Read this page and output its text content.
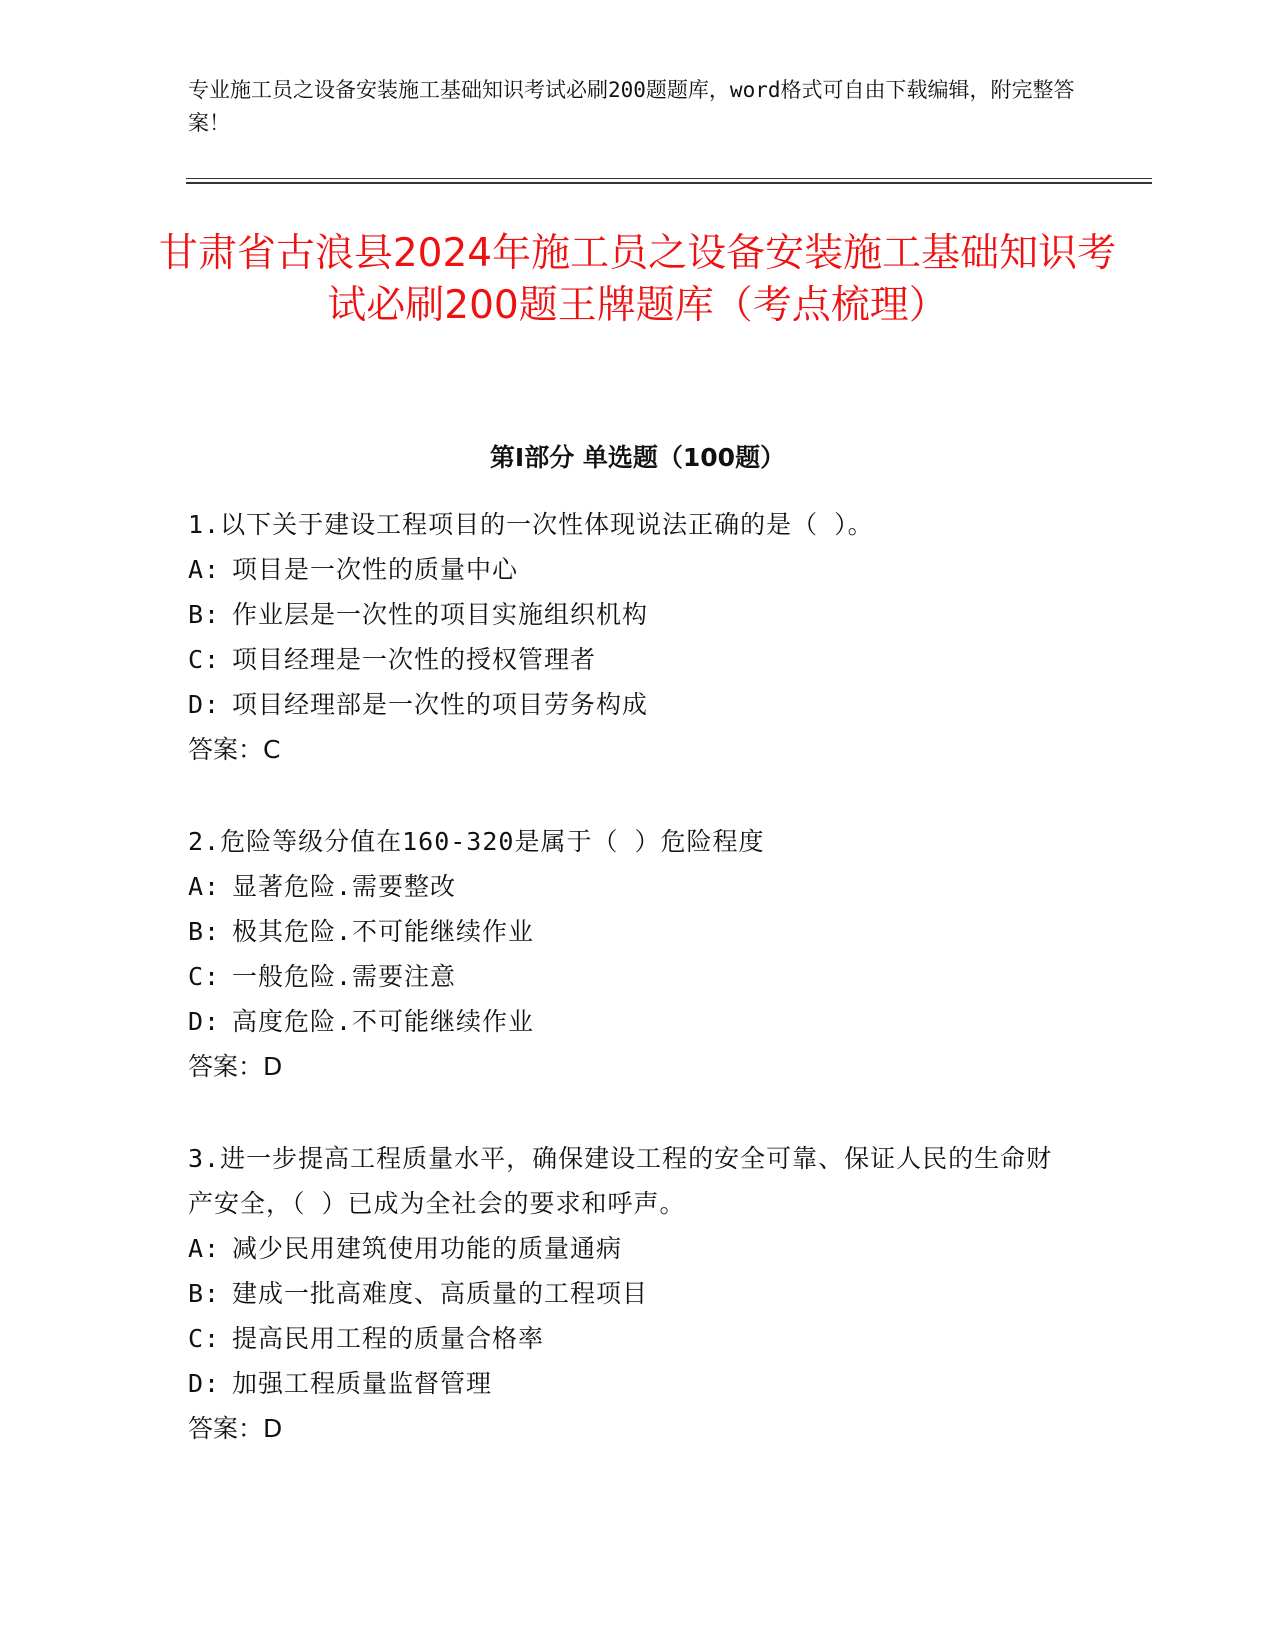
专业施工员之设备安装施工基础知识考试必刷200题题库，word格式可自由下载编辑，附完整答案！
甘肃省古浪县2024年施工员之设备安装施工基础知识考试必刷200题王牌题库（考点梳理）
第I部分 单选题（100题）
1.以下关于建设工程项目的一次性体现说法正确的是（ ）。
A: 项目是一次性的质量中心
B: 作业层是一次性的项目实施组织机构
C: 项目经理是一次性的授权管理者
D: 项目经理部是一次性的项目劳务构成
答案：C
2.危险等级分值在160-320是属于（ ）危险程度
A: 显著危险.需要整改
B: 极其危险.不可能继续作业
C: 一般危险.需要注意
D: 高度危险.不可能继续作业
答案：D
3.进一步提高工程质量水平，确保建设工程的安全可靠、保证人民的生命财产安全，（ ）已成为全社会的要求和呼声。
A: 减少民用建筑使用功能的质量通病
B: 建成一批高难度、高质量的工程项目
C: 提高民用工程的质量合格率
D: 加强工程质量监督管理
答案：D
